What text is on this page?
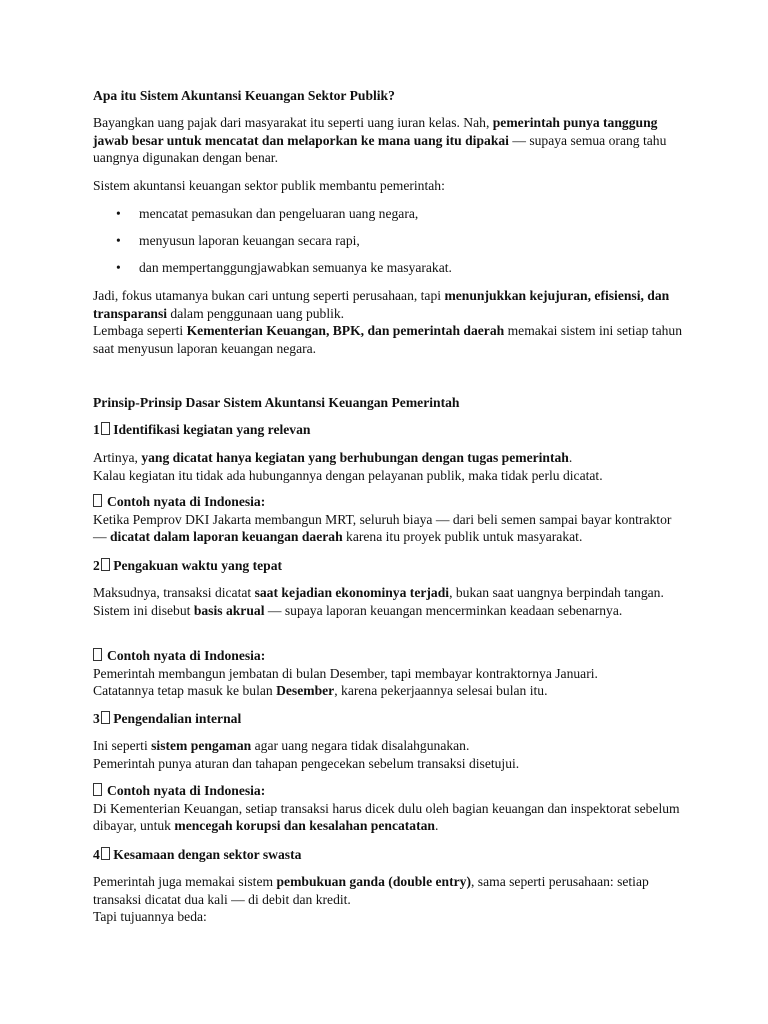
Apa itu Sistem Akuntansi Keuangan Sektor Publik?

Bayangkan uang pajak dari masyarakat itu seperti uang iuran kelas. Nah, pemerintah punya tanggung jawab besar untuk mencatat dan melaporkan ke mana uang itu dipakai — supaya semua orang tahu uangnya digunakan dengan benar.

Sistem akuntansi keuangan sektor publik membantu pemerintah:

•

mencatat pemasukan dan pengeluaran uang negara,

•

menyusun laporan keuangan secara rapi,

•

dan mempertanggungjawabkan semuanya ke masyarakat.

Jadi, fokus utamanya bukan cari untung seperti perusahaan, tapi menunjukkan kejujuran, efisiensi, dan transparansi dalam penggunaan uang publik.
Lembaga seperti Kementerian Keuangan, BPK, dan pemerintah daerah memakai sistem ini setiap tahun saat menyusun laporan keuangan negara.

Prinsip-Prinsip Dasar Sistem Akuntansi Keuangan Pemerintah

1 Identifikasi kegiatan yang relevan

Artinya, yang dicatat hanya kegiatan yang berhubungan dengan tugas pemerintah.
Kalau kegiatan itu tidak ada hubungannya dengan pelayanan publik, maka tidak perlu dicatat.

Contoh nyata di Indonesia:
Ketika Pemprov DKI Jakarta membangun MRT, seluruh biaya — dari beli semen sampai bayar kontraktor — dicatat dalam laporan keuangan daerah karena itu proyek publik untuk masyarakat.

2 Pengakuan waktu yang tepat

Maksudnya, transaksi dicatat saat kejadian ekonominya terjadi, bukan saat uangnya berpindah tangan.
Sistem ini disebut basis akrual — supaya laporan keuangan mencerminkan keadaan sebenarnya.

Contoh nyata di Indonesia:
Pemerintah membangun jembatan di bulan Desember, tapi membayar kontraktornya Januari.
Catatannya tetap masuk ke bulan Desember, karena pekerjaannya selesai bulan itu.

3 Pengendalian internal

Ini seperti sistem pengaman agar uang negara tidak disalahgunakan.
Pemerintah punya aturan dan tahapan pengecekan sebelum transaksi disetujui.

Contoh nyata di Indonesia:
Di Kementerian Keuangan, setiap transaksi harus dicek dulu oleh bagian keuangan dan inspektorat sebelum dibayar, untuk mencegah korupsi dan kesalahan pencatatan.

4 Kesamaan dengan sektor swasta

Pemerintah juga memakai sistem pembukuan ganda (double entry), sama seperti perusahaan: setiap transaksi dicatat dua kali — di debit dan kredit.
Tapi tujuannya beda:
